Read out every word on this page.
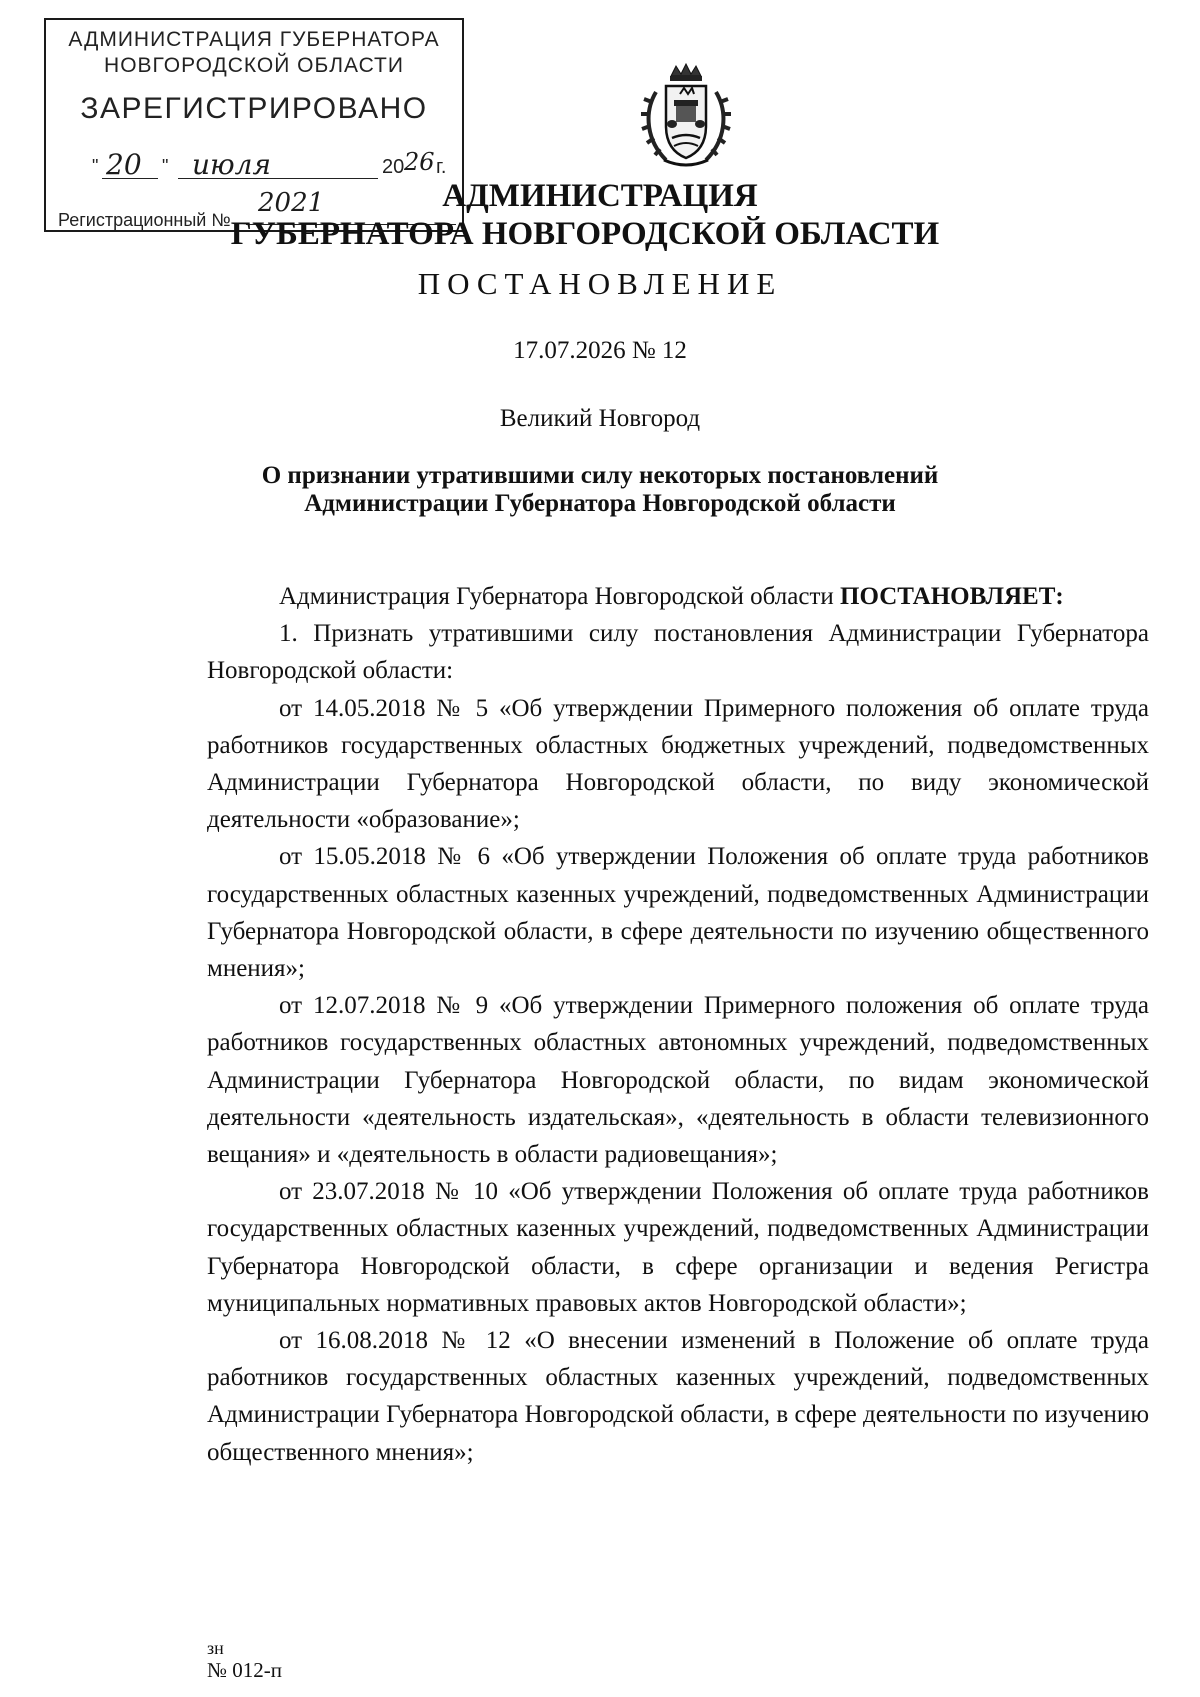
АДМИНИСТРАЦИЯ ГУБЕРНАТОРА
НОВГОРОДСКОЙ ОБЛАСТИ
ЗАРЕГИСТРИРОВАНО
" 20 " июля	20 26 г.
Регистрационный №
2021	АДМИНИСТРАЦИЯ
ГУБЕРНАТОРА НОВГОРОДСКОЙ ОБЛАСТИ
ПОСТАНОВЛЕНИЕ
17.07.2026 № 12
Великий Новгород
О признании утратившими силу некоторых постановлений
Администрации Губернатора Новгородской области

Администрация Губернатора Новгородской области ПОСТАНОВЛЯЕТ:

1. Признать утратившими силу постановления Администрации Губернатора Новгородской области:

от 14.05.2018 № 5 «Об утверждении Примерного положения об оплате труда работников государственных областных бюджетных учреждений, подведомственных Администрации Губернатора Новгородской области, по виду экономической деятельности «образование»;

от 15.05.2018 № 6 «Об утверждении Положения об оплате труда работников государственных областных казенных учреждений, подведомственных Администрации Губернатора Новгородской области, в сфере деятельности по изучению общественного мнения»;

от 12.07.2018 № 9 «Об утверждении Примерного положения об оплате труда работников государственных областных автономных учреждений, подведомственных Администрации Губернатора Новгородской области, по видам экономической деятельности «деятельность издательская», «деятельность в области телевизионного вещания» и «деятельность в области радиовещания»;

от 23.07.2018 № 10 «Об утверждении Положения об оплате труда работников государственных областных казенных учреждений, подведомственных Администрации Губернатора Новгородской области, в сфере организации и ведения Регистра муниципальных нормативных правовых актов Новгородской области»;

от 16.08.2018 № 12 «О внесении изменений в Положение об оплате труда работников государственных областных казенных учреждений, подведомственных Администрации Губернатора Новгородской области, в сфере деятельности по изучению общественного мнения»;

зн
№ 012-п
